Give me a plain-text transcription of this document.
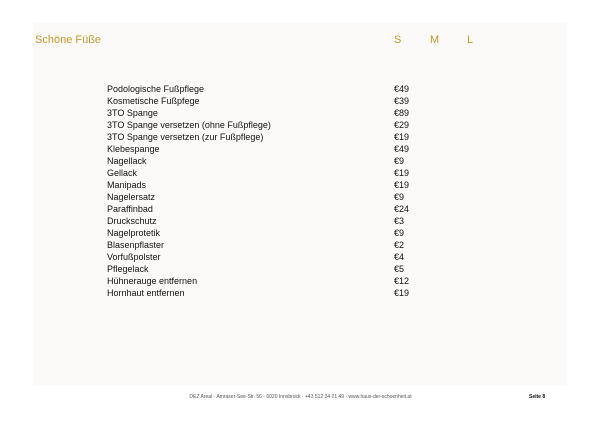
Schöne Füße	S	M	L
Podologische Fußpflege	€49
Kosmetische Fußpfege	€39
3TO Spange	€89
3TO Spange versetzen (ohne Fußpflege)	€29
3TO Spange versetzen (zur Fußpflege)	€19
Klebespange	€49
Nagellack	€9
Gellack	€19
Manipads	€19
Nagelersatz	€9
Paraffinbad	€24
Druckschutz	€3
Nagelprotetik	€9
Blasenpflaster	€2
Vorfußpolster	€4
Pflegelack	€5
Hühnerauge entfernen	€12
Hornhaut entfernen	€19
DEZ Areal · Amraser-See-Str. 56 · 6020 Innsbruck · +43 512 34 21 49 · www.haus-der-schoenheit.at	Seite 8
